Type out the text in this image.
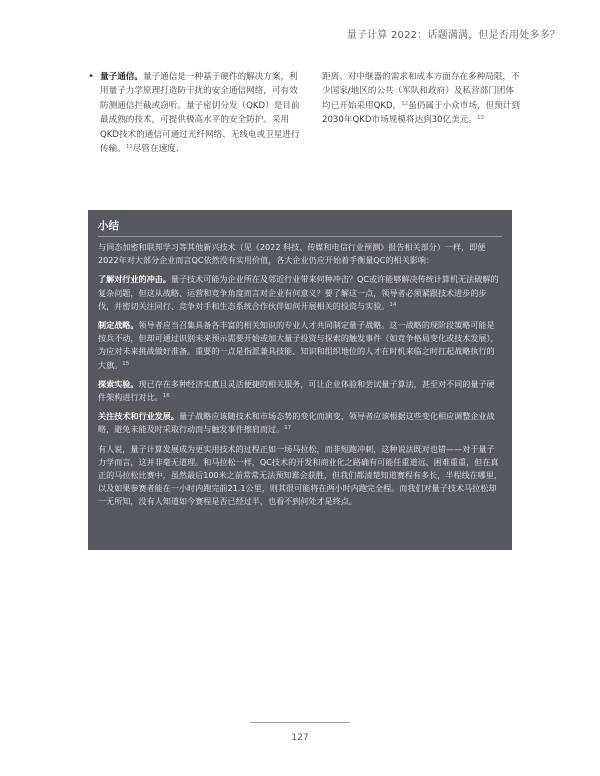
量子计算 2022：话题满满，但是否用处多多？
• 量子通信。量子通信是一种基于硬件的解决方案，利用量子力学原理打造防干扰的安全通信网络，可有效防测通信拦截或窃听。量子密钥分发（QKD）是目前最成熟的技术，可提供极高水平的安全防护。采用QKD技术的通信可通过光纤网络、无线电或卫星进行传输。$^{11}$尽管在速度、
距离、对中继器的需求和成本方面存在多种局限，不少国家/地区的公共（军队和政府）及私营部门团体均已开始采用QKD，$^{12}$虽仍属于小众市场，但预计到2030年QKD市场规模将达到30亿美元。$^{13}$
小结

与同态加密和联邦学习等其他新兴技术（见《2022 科技、传媒和电信行业预测》报告相关部分）一样，即便2022年对大部分企业而言QC依然没有实用价值，各大企业仍应开始着手衡量QC的相关影响：

了解对行业的冲击。量子技术可能为企业所在及邻近行业带来何种冲击？QC或许能够解决传统计算机无法破解的复杂问题，但这从战略、运营和竞争角度而言对企业有何意义？要了解这一点，领导者必须紧跟技术进步的步伐，并密切关注同行、竞争对手和生态系统合作伙伴如何开展相关的投资与实验。$^{14}$

制定战略。领导者应当召集具备各丰富的相关知识的专业人才共同制定量子战略。这一战略的现阶段策略可能是按兵不动，但却可通过识别未来预示需要开始或加大量子投资与探索的触发事件（如竞争格局变化或技术发展），为应对未来挑战做好准备。重要的一点是指派兼具技能、知识和组织地位的人才在时机来临之时扛起战略执行的大旗。$^{15}$

探索实验。现已存在多种经济实惠且灵活便捷的相关服务，可让企业体验和尝试量子算法，甚至对不同的量子硬件架构进行对比。$^{16}$

关注技术和行业发展。量子战略应该随技术和市场态势的变化而演变，领导者应该根据这些变化相应调整企业战略，避免未能及时采取行动而与触发事件擦肩而过。$^{17}$

有人说，量子计算发展成为更实用技术的过程正如一场马拉松，而非短跑冲刺，这种说法既对也错——对于量子力学而言，这并非毫无道理。和马拉松一样，QC技术的开发和商业化之路确有可能任重道远、困难重重，但在真正的马拉松比赛中，虽然最后100米之前常常无法预知谁会获胜，但我们都清楚知道赛程有多长，半程线在哪里，以及如果参赛者能在一小时内跑完前21.1公里，则其很可能将在两小时内跑完全程。而我们对量子技术马拉松却一无所知，没有人知道如今赛程是否已经过半，也看不到何处才是终点。

127
